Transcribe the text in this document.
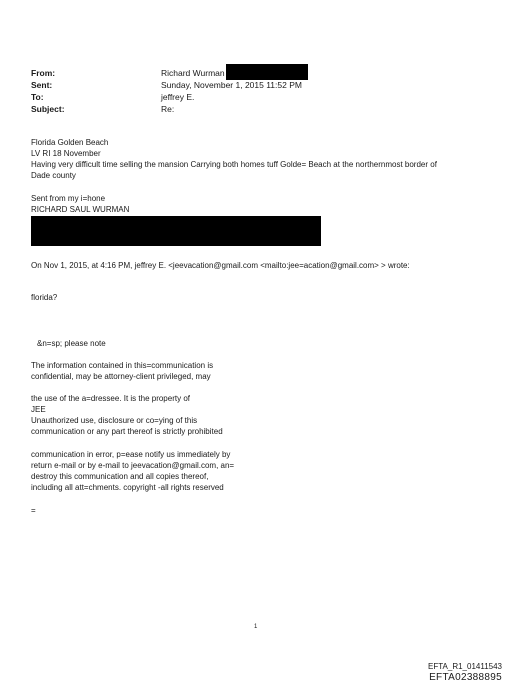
From:	Richard Wurman
Sent:	Sunday, November 1, 2015 11:52 PM
To:	jeffrey E.
Subject:	Re:
Florida Golden Beach
LV RI 18 November
Having very difficult time selling the mansion Carrying both homes tuff Golde= Beach at the northernmost border of
Dade county
Sent from my i=hone
RICHARD SAUL WURMAN
On Nov 1, 2015, at 4:16 PM, jeffrey E. <jeevacation@gmail.com <mailto:jee=acation@gmail.com> > wrote:
florida?
&n=sp; please note
The information contained in this=communication is
confidential, may be attorney-client privileged, may
the use of the a=dressee. It is the property of
JEE
Unauthorized use, disclosure or co=ying of this
communication or any part thereof is strictly prohibited
communication in error, p=ease notify us immediately by
return e-mail or by e-mail to jeevacation@gmail.com, an=
destroy this communication and all copies thereof,
including all att=chments. copyright -all rights reserved
=
1
EFTA_R1_01411543
EFTA02388895
